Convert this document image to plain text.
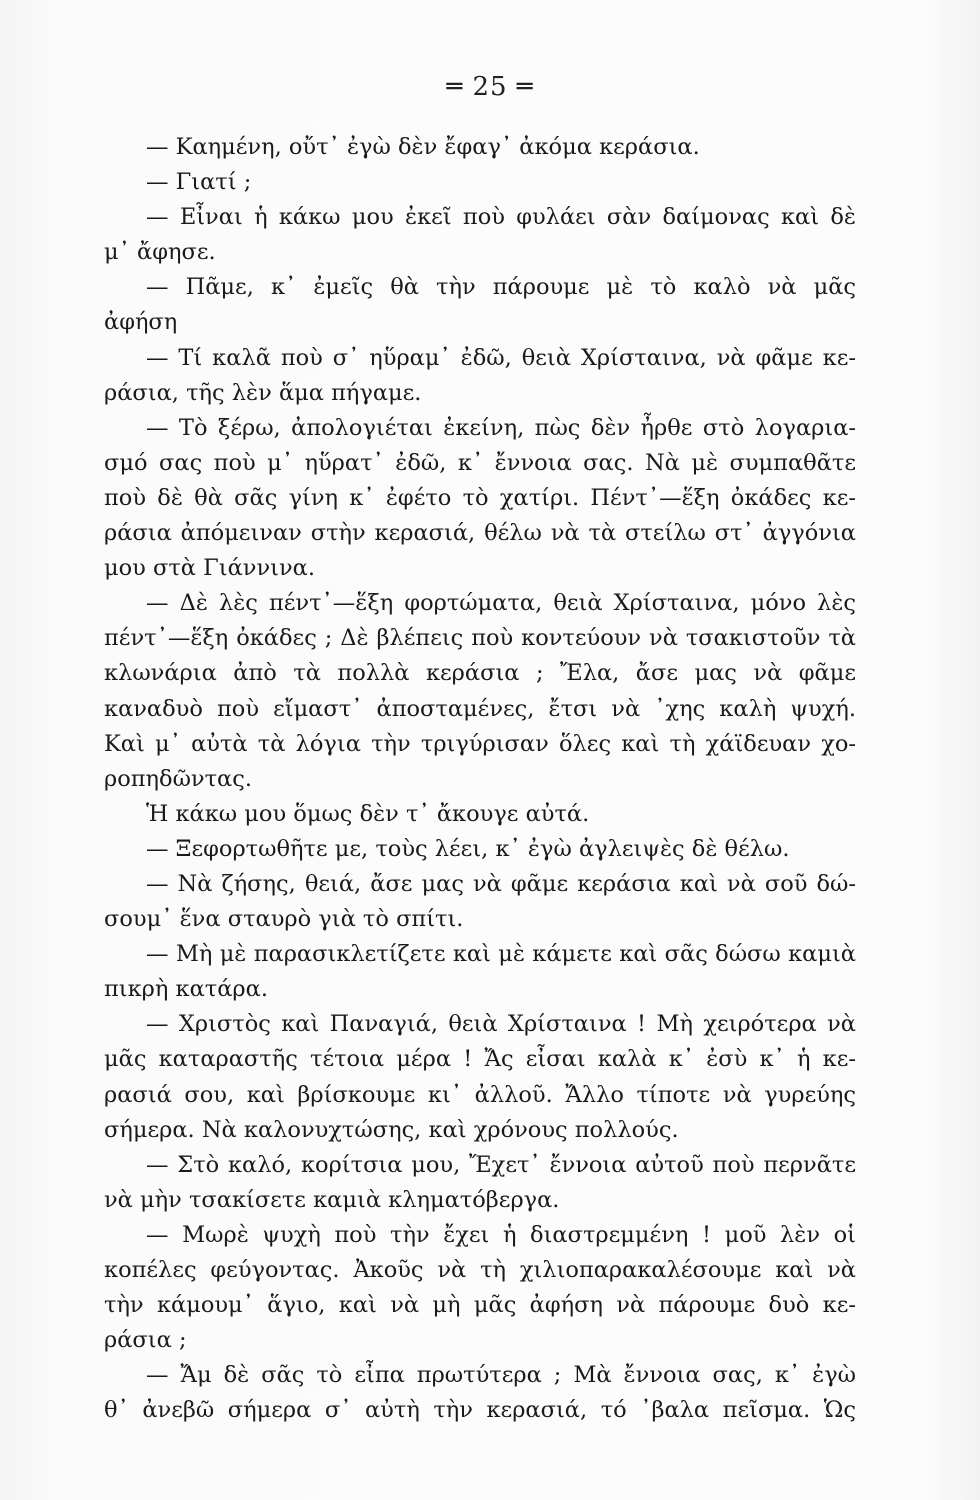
═ 25 ═
— Καημένη, οὔτ᾽ ἐγὼ δὲν ἔφαγ᾽ ἀκόμα κεράσια.
— Γιατί ;
— Εἶναι ἡ κάκω μου ἐκεῖ ποὺ φυλάει σὰν δαίμονας καὶ δὲ
μ᾽ ἄφησε.
— Πᾶμε, κ᾽ ἐμεῖς θὰ τὴν πάρουμε μὲ τὸ καλὸ νὰ μᾶς
ἀφήση
— Τί καλᾶ ποὺ σ᾽ ηὕραμ᾽ ἐδῶ, θειὰ Χρίσταινα, νὰ φᾶμε κε-
ράσια, τῆς λὲν ἅμα πήγαμε.
— Τὸ ξέρω, ἀπολογιέται ἐκείνη, πὼς δὲν ἦρθε στὸ λογαρια-
σμό σας ποὺ μ᾽ ηὕρατ᾽ ἐδῶ, κ᾽ ἔννοια σας. Νὰ μὲ συμπαθᾶτε
ποὺ δὲ θὰ σᾶς γίνη κ᾽ ἐφέτο τὸ χατίρι. Πέντ᾽—ἕξη ὀκάδες κε-
ράσια ἀπόμειναν στὴν κερασιά, θέλω νὰ τὰ στείλω στ᾽ ἀγγόνια
μου στὰ Γιάννινα.
— Δὲ λὲς πέντ᾽—ἕξη φορτώματα, θειὰ Χρίσταινα, μόνο λὲς
πέντ᾽—ἕξη ὀκάδες ; Δὲ βλέπεις ποὺ κοντεύουν νὰ τσακιστοῦν τὰ
κλωνάρια ἀπὸ τὰ πολλὰ κεράσια ; Ἔλα, ἄσε μας νὰ φᾶμε
καναδυὸ ποὺ εἴμαστ᾽ ἀποσταμένες, ἔτσι νὰ ᾽χης καλὴ ψυχή.
Καὶ μ᾽ αὐτὰ τὰ λόγια τὴν τριγύρισαν ὅλες καὶ τὴ χάϊδευαν χο-
ροπηδῶντας.
Ἡ κάκω μου ὅμως δὲν τ᾽ ἄκουγε αὐτά.
— Ξεφορτωθῆτε με, τοὺς λέει, κ᾽ ἐγὼ ἀγλειψὲς δὲ θέλω.
— Νὰ ζήσης, θειά, ἄσε μας νὰ φᾶμε κεράσια καὶ νὰ σοῦ δώ-
σουμ᾽ ἕνα σταυρὸ γιὰ τὸ σπίτι.
— Μὴ μὲ παρασικλετίζετε καὶ μὲ κάμετε καὶ σᾶς δώσω καμιὰ
πικρὴ κατάρα.
— Χριστὸς καὶ Παναγιά, θειὰ Χρίσταινα ! Μὴ χειρότερα νὰ
μᾶς καταραστῆς τέτοια μέρα ! Ἄς εἶσαι καλὰ κ᾽ ἐσὺ κ᾽ ἡ κε-
ρασιά σου, καὶ βρίσκουμε κι᾽ ἀλλοῦ. Ἄλλο τίποτε νὰ γυρεύης
σήμερα. Νὰ καλονυχτώσης, καὶ χρόνους πολλούς.
— Στὸ καλό, κορίτσια μου, Ἔχετ᾽ ἔννοια αὐτοῦ ποὺ περνᾶτε
νὰ μὴν τσακίσετε καμιὰ κληματόβεργα.
— Μωρὲ ψυχὴ ποὺ τὴν ἔχει ἡ διαστρεμμένη ! μοῦ λὲν οἱ
κοπέλες φεύγοντας. Ἀκοῦς νὰ τὴ χιλιοπαρακαλέσουμε καὶ νὰ
τὴν κάμουμ᾽ ἅγιο, καὶ νὰ μὴ μᾶς ἀφήση νὰ πάρουμε δυὸ κε-
ράσια ;
— Ἄμ δὲ σᾶς τὸ εἶπα πρωτύτερα ; Μὰ ἔννοια σας, κ᾽ ἐγὼ
θ᾽ ἀνεβῶ σήμερα σ᾽ αὐτὴ τὴν κερασιά, τό ᾽βαλα πεῖσμα. Ὡς
